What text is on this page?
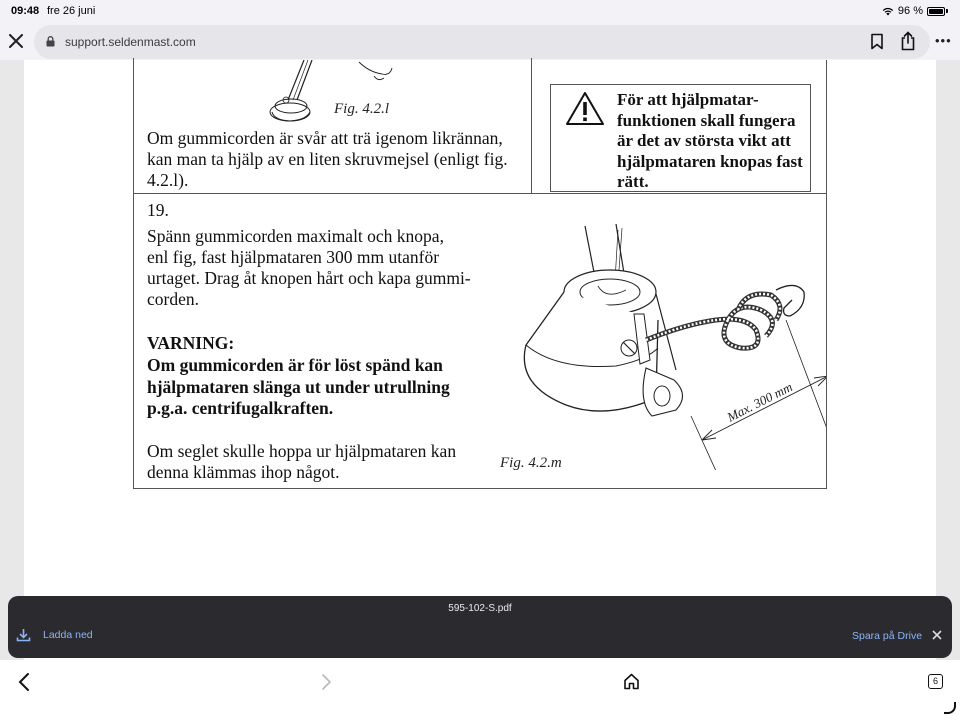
09:48 fre 26 juni	96 %
support.seldenmast.com	•••
Fig. 4.2.l
Om gummicorden är svår att trä igenom likrännan,
kan man ta hjälp av en liten skruvmejsel (enligt fig.
4.2.l).
För att hjälpmatar-
funktionen skall fungera
är det av största vikt att
hjälpmataren knopas fast
rätt.
19.
Spänn gummicorden maximalt och knopa,
enl fig, fast hjälpmataren 300 mm utanför
urtaget. Drag åt knopen hårt och kapa gummi-
corden.
VARNING:
Om gummicorden är för löst spänd kan
hjälpmataren slänga ut under utrullning
p.g.a. centrifugalkraften.
Om seglet skulle hoppa ur hjälpmataren kan
denna klämmas ihop något.
Max. 300 mm
Fig. 4.2.m
595-102-S.pdf
Ladda ned	Spara på Drive
6
